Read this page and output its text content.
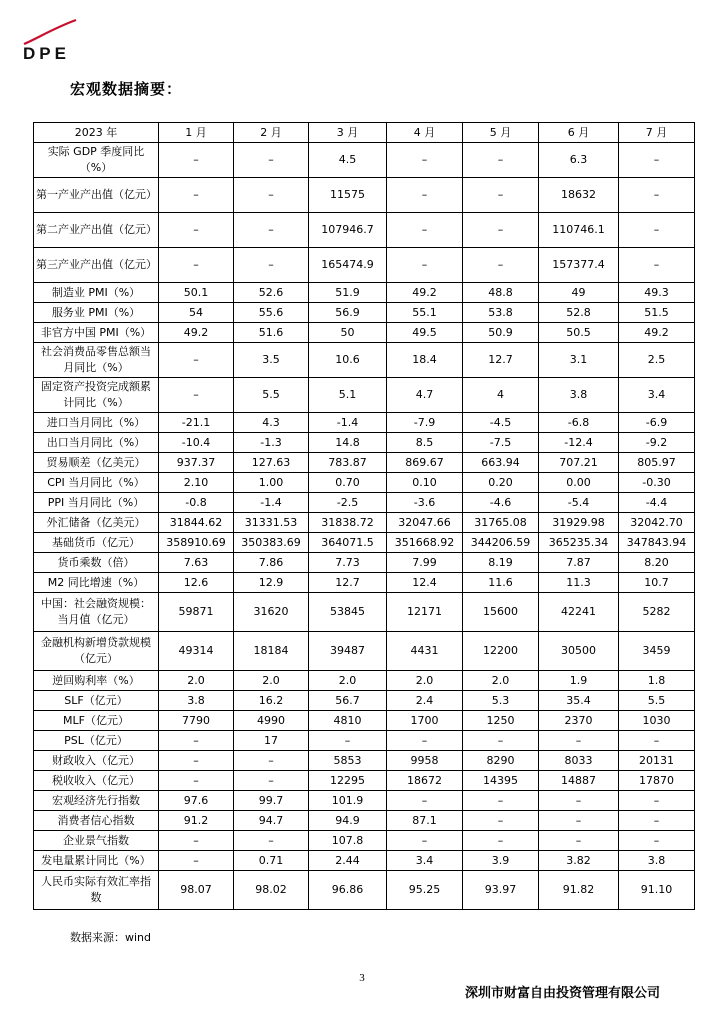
DPE
宏观数据摘要：
2023 年	1 月	2 月	3 月	4 月	5 月	6 月	7 月
实际 GDP 季度同比（%）	–	–	4.5	–	–	6.3	–
第一产业产出值（亿元）	–	–	11575	–	–	18632	–
第二产业产出值（亿元）	–	–	107946.7	–	–	110746.1	–
第三产业产出值（亿元）	–	–	165474.9	–	–	157377.4	–
制造业 PMI（%）	50.1	52.6	51.9	49.2	48.8	49	49.3
服务业 PMI（%）	54	55.6	56.9	55.1	53.8	52.8	51.5
非官方中国 PMI（%）	49.2	51.6	50	49.5	50.9	50.5	49.2
社会消费品零售总额当月同比（%）	–	3.5	10.6	18.4	12.7	3.1	2.5
固定资产投资完成额累计同比（%）	–	5.5	5.1	4.7	4	3.8	3.4
进口当月同比（%）	-21.1	4.3	-1.4	-7.9	-4.5	-6.8	-6.9
出口当月同比（%）	-10.4	-1.3	14.8	8.5	-7.5	-12.4	-9.2
贸易顺差（亿美元）	937.37	127.63	783.87	869.67	663.94	707.21	805.97
CPI 当月同比（%）	2.10	1.00	0.70	0.10	0.20	0.00	-0.30
PPI 当月同比（%）	-0.8	-1.4	-2.5	-3.6	-4.6	-5.4	-4.4
外汇储备（亿美元）	31844.62	31331.53	31838.72	32047.66	31765.08	31929.98	32042.70
基础货币（亿元）	358910.69	350383.69	364071.5	351668.92	344206.59	365235.34	347843.94
货币乘数（倍）	7.63	7.86	7.73	7.99	8.19	7.87	8.20
M2 同比增速（%）	12.6	12.9	12.7	12.4	11.6	11.3	10.7
中国：社会融资规模：当月值（亿元）	59871	31620	53845	12171	15600	42241	5282
金融机构新增贷款规模（亿元）	49314	18184	39487	4431	12200	30500	3459
逆回购利率（%）	2.0	2.0	2.0	2.0	2.0	1.9	1.8
SLF（亿元）	3.8	16.2	56.7	2.4	5.3	35.4	5.5
MLF（亿元）	7790	4990	4810	1700	1250	2370	1030
PSL（亿元）	–	17	–	–	–	–	–
财政收入（亿元）	–	–	5853	9958	8290	8033	20131
税收收入（亿元）	–	–	12295	18672	14395	14887	17870
宏观经济先行指数	97.6	99.7	101.9	–	–	–	–
消费者信心指数	91.2	94.7	94.9	87.1	–	–	–
企业景气指数	–	–	107.8	–	–	–	–
发电量累计同比（%）	–	0.71	2.44	3.4	3.9	3.82	3.8
人民币实际有效汇率指数	98.07	98.02	96.86	95.25	93.97	91.82	91.10
数据来源：wind
3
深圳市财富自由投资管理有限公司
